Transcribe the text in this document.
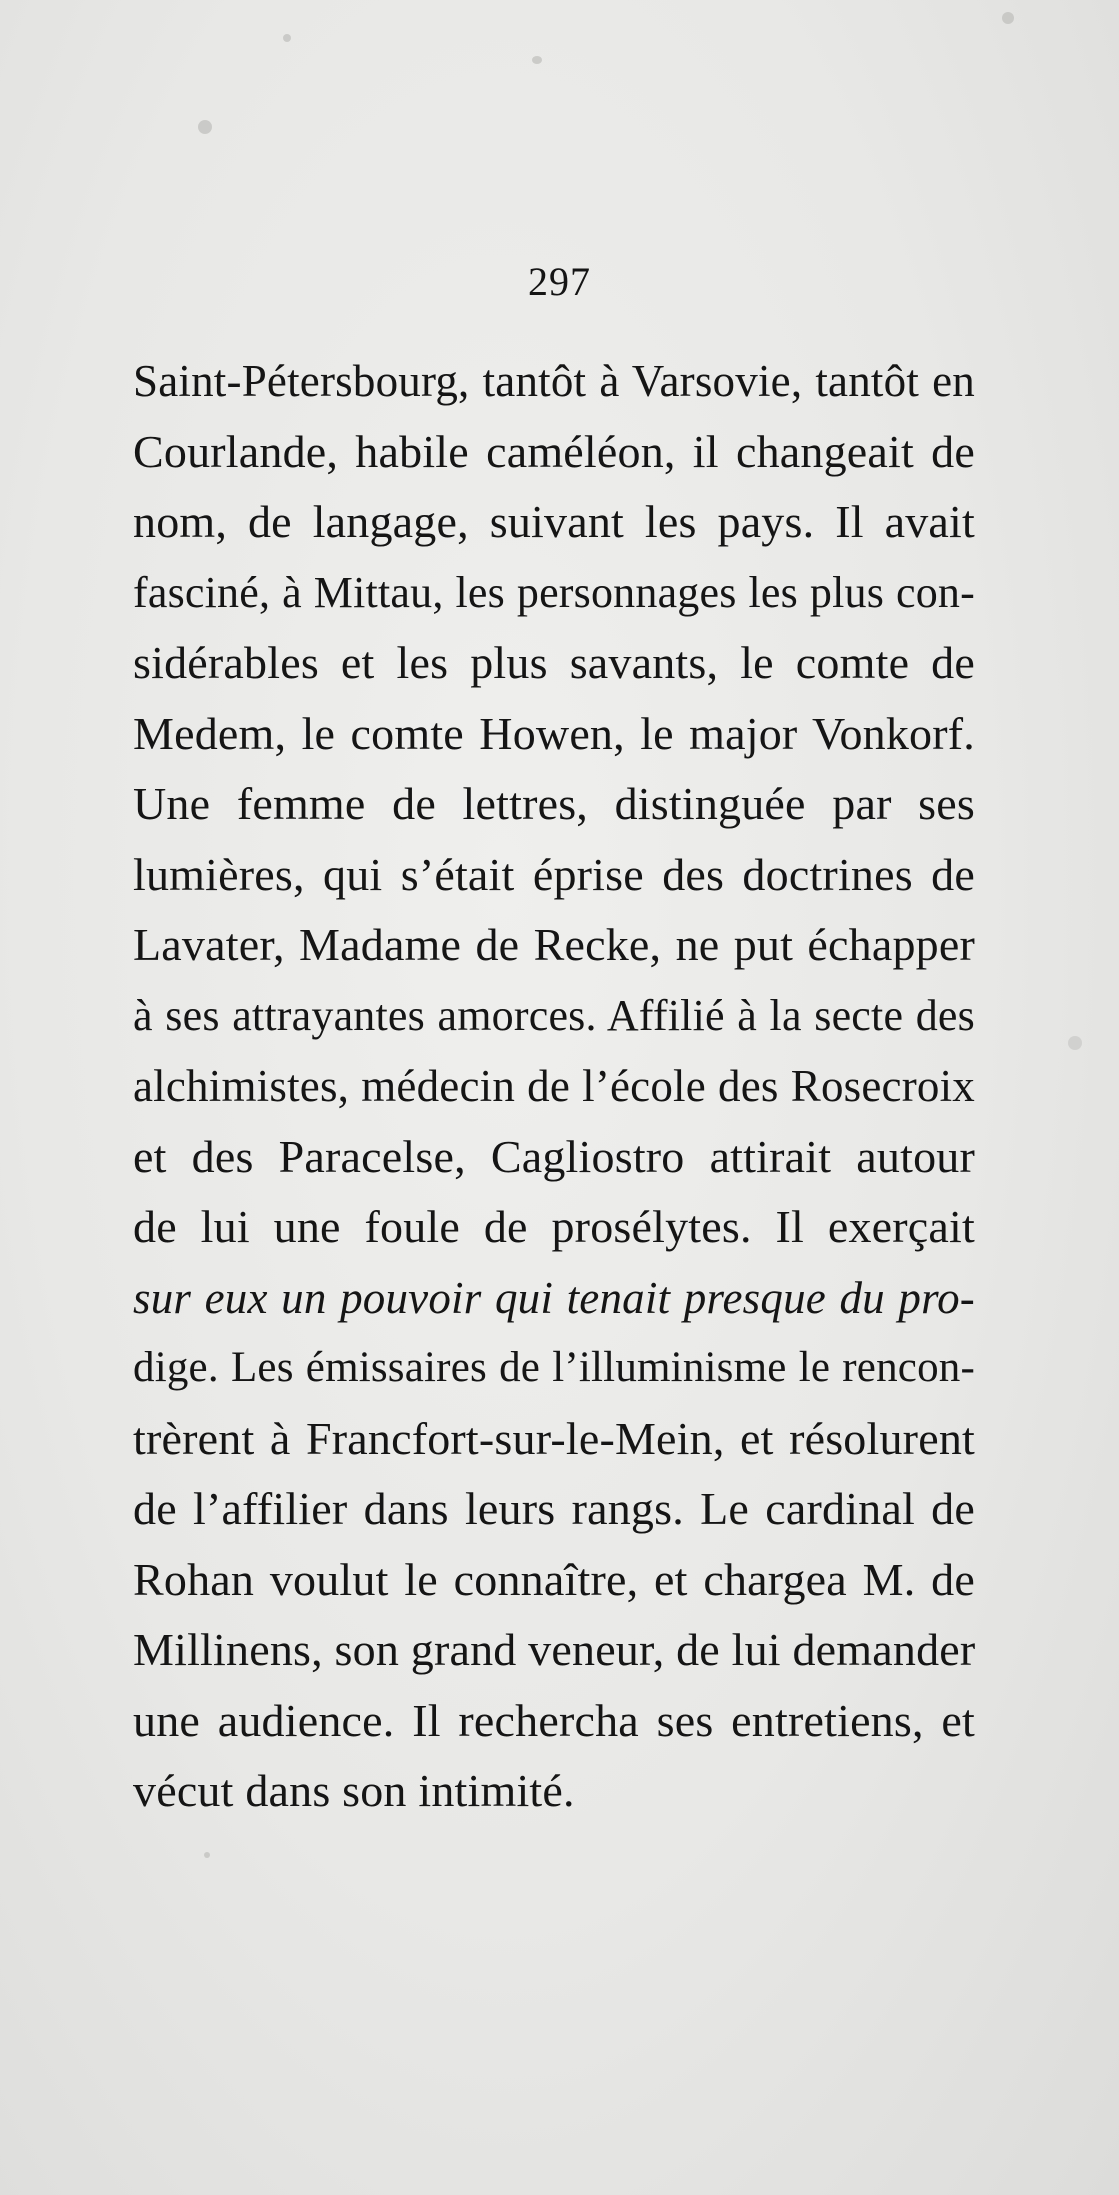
297
Saint-Pétersbourg, tantôt à Varsovie, tantôt en
Courlande, habile caméléon, il changeait de
nom, de langage, suivant les pays. Il avait
fasciné, à Mittau, les personnages les plus con-
sidérables et les plus savants, le comte de
Medem, le comte Howen, le major Vonkorf.
Une femme de lettres, distinguée par ses
lumières, qui s’était éprise des doctrines de
Lavater, Madame de Recke, ne put échapper
à ses attrayantes amorces. Affilié à la secte des
alchimistes, médecin de l’école des Rosecroix
et des Paracelse, Cagliostro attirait autour
de lui une foule de prosélytes. Il exerçait
sur eux un pouvoir qui tenait presque du pro-
dige. Les émissaires de l’illuminisme le rencon-
trèrent à Francfort-sur-le-Mein, et résolurent
de l’affilier dans leurs rangs. Le cardinal de
Rohan voulut le connaître, et chargea M. de
Millinens, son grand veneur, de lui demander
une audience. Il rechercha ses entretiens, et
vécut dans son intimité.
